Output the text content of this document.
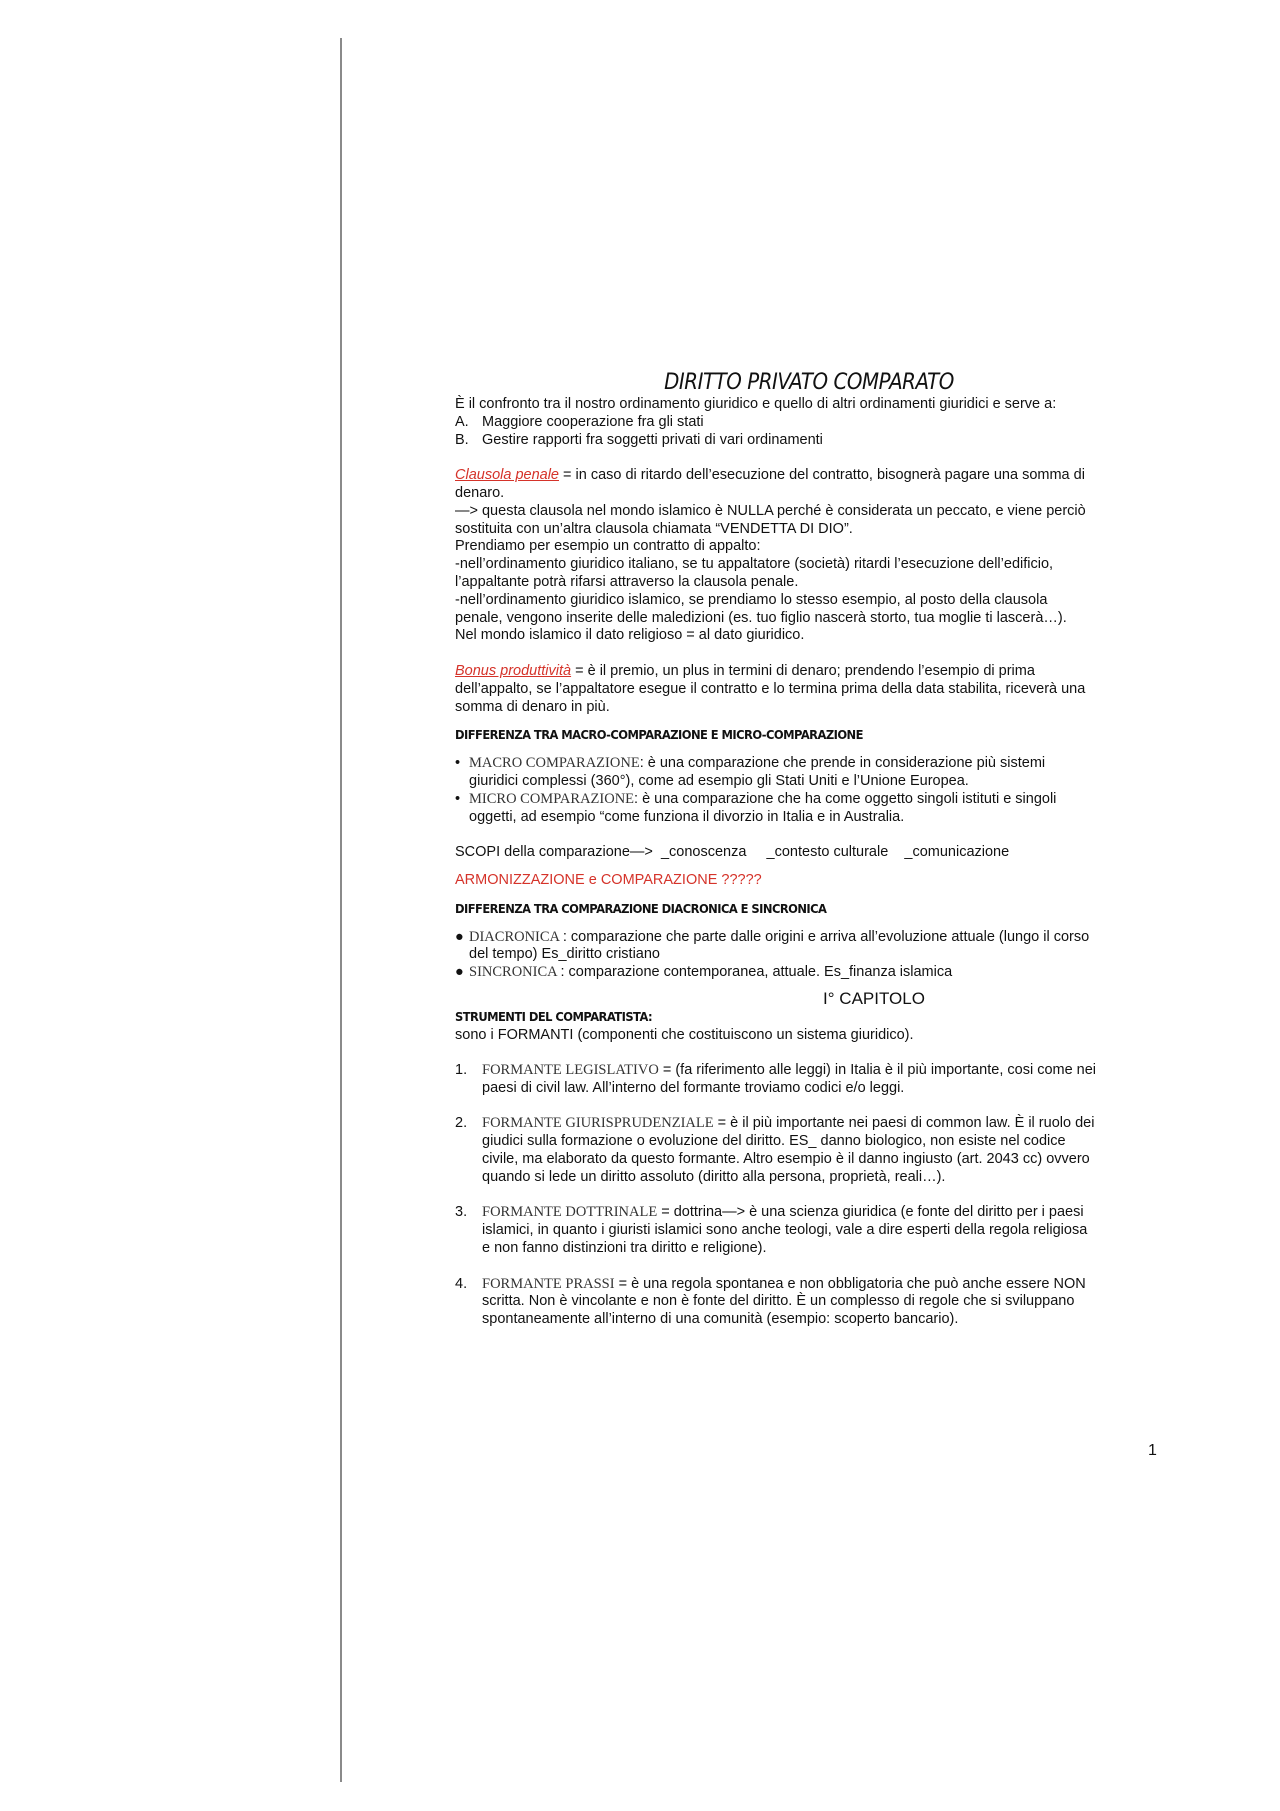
DIRITTO PRIVATO COMPARATO

È il confronto tra il nostro ordinamento giuridico e quello di altri ordinamenti giuridici e serve a:

A. Maggiore cooperazione fra gli stati
B. Gestire rapporti fra soggetti privati di vari ordinamenti

Clausola penale = in caso di ritardo dell’esecuzione del contratto, bisognerà pagare una somma di

denaro.

—> questa clausola nel mondo islamico è NULLA perché è considerata un peccato, e viene perciò

sostituita con un’altra clausola chiamata “VENDETTA DI DIO”.

Prendiamo per esempio un contratto di appalto:

-nell’ordinamento giuridico italiano, se tu appaltatore (società) ritardi l’esecuzione dell’edificio,

l’appaltante potrà rifarsi attraverso la clausola penale.

-nell’ordinamento giuridico islamico, se prendiamo lo stesso esempio, al posto della clausola

penale, vengono inserite delle maledizioni (es. tuo figlio nascerà storto, tua moglie ti lascerà…).

Nel mondo islamico il dato religioso = al dato giuridico.

Bonus produttività = è il premio, un plus in termini di denaro; prendendo l’esempio di prima

dell’appalto, se l’appaltatore esegue il contratto e lo termina prima della data stabilita, riceverà una

somma di denaro in più.

DIFFERENZA TRA MACRO-COMPARAZIONE E MICRO-COMPARAZIONE
• MACRO COMPARAZIONE: è una comparazione che prende in considerazione più sistemi
giuridici complessi (360°), come ad esempio gli Stati Uniti e l’Unione Europea.
• MICRO COMPARAZIONE: è una comparazione che ha come oggetto singoli istituti e singoli
oggetti, ad esempio “come funziona il divorzio in Italia e in Australia.

SCOPI della comparazione—> _conoscenza _contesto culturale _comunicazione

ARMONIZZAZIONE e COMPARAZIONE ?????

DIFFERENZA TRA COMPARAZIONE DIACRONICA E SINCRONICA
● DIACRONICA : comparazione che parte dalle origini e arriva all’evoluzione attuale (lungo il corso
del tempo) Es_diritto cristiano
● SINCRONICA : comparazione contemporanea, attuale. Es_finanza islamica
I° CAPITOLO
STRUMENTI DEL COMPARATISTA:

sono i FORMANTI (componenti che costituiscono un sistema giuridico).

1. FORMANTE LEGISLATIVO = (fa riferimento alle leggi) in Italia è il più importante, cosi come nei
paesi di civil law. All’interno del formante troviamo codici e/o leggi.
2. FORMANTE GIURISPRUDENZIALE = è il più importante nei paesi di common law. È il ruolo dei
giudici sulla formazione o evoluzione del diritto. ES_ danno biologico, non esiste nel codice
civile, ma elaborato da questo formante. Altro esempio è il danno ingiusto (art. 2043 cc) ovvero
quando si lede un diritto assoluto (diritto alla persona, proprietà, reali…).
3. FORMANTE DOTTRINALE = dottrina—> è una scienza giuridica (e fonte del diritto per i paesi
islamici, in quanto i giuristi islamici sono anche teologi, vale a dire esperti della regola religiosa
e non fanno distinzioni tra diritto e religione).
4. FORMANTE PRASSI = è una regola spontanea e non obbligatoria che può anche essere NON
scritta. Non è vincolante e non è fonte del diritto. È un complesso di regole che si sviluppano
spontaneamente all’interno di una comunità (esempio: scoperto bancario).
1
